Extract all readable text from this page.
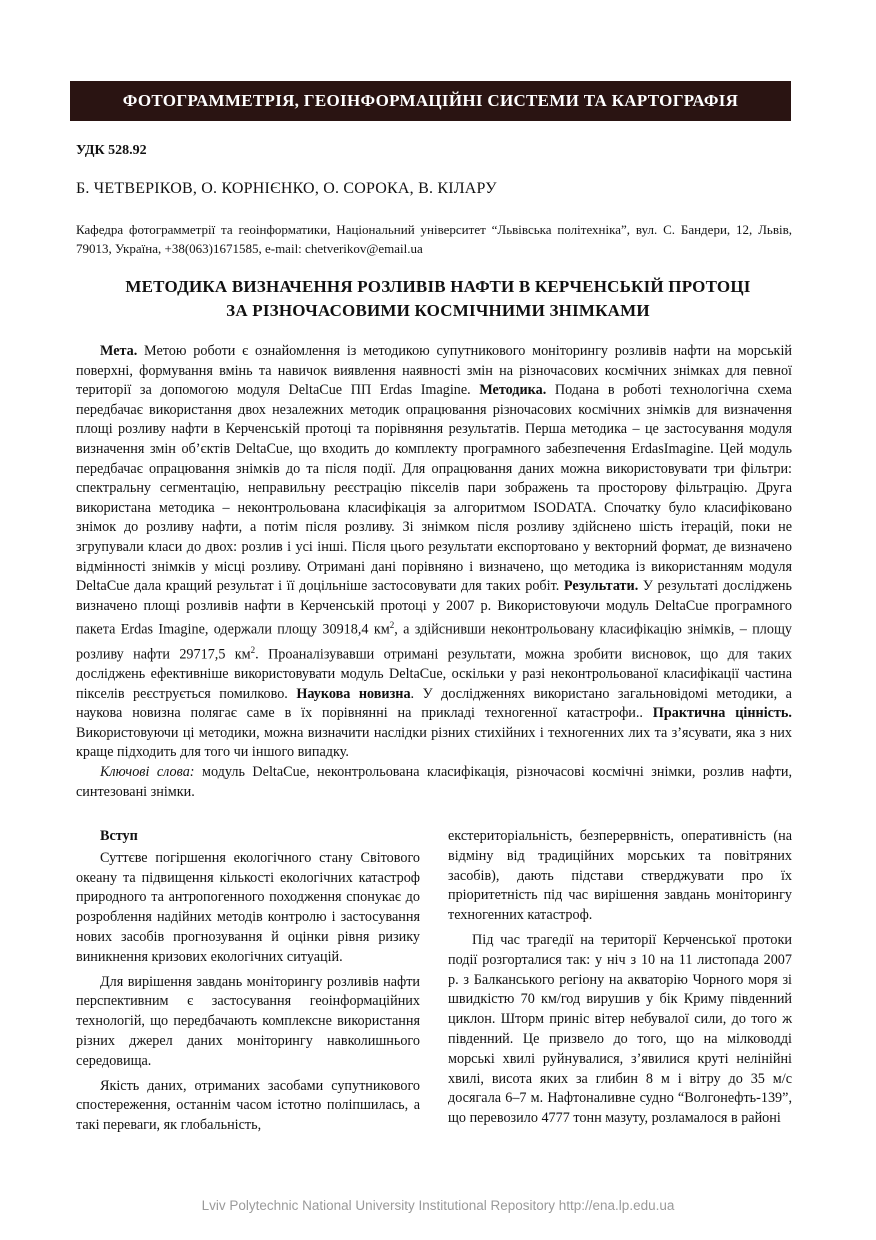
ФОТОГРАММЕТРІЯ, ГЕОІНФОРМАЦІЙНІ СИСТЕМИ ТА КАРТОГРАФІЯ
УДК 528.92
Б. ЧЕТВЕРІКОВ, О. КОРНІЄНКО, О. СОРОКА, В. КІЛАРУ
Кафедра фотограмметрії та геоінформатики, Національний університет “Львівська політехніка”, вул. С. Бандери, 12, Львів, 79013, Україна, +38(063)1671585, e-mail: chetverikov@email.ua
МЕТОДИКА ВИЗНАЧЕННЯ РОЗЛИВІВ НАФТИ В КЕРЧЕНСЬКІЙ ПРОТОЦІ
ЗА РІЗНОЧАСОВИМИ КОСМІЧНИМИ ЗНІМКАМИ

Мета. Метою роботи є ознайомлення із методикою супутникового моніторингу розливів нафти на морській поверхні, формування вмінь та навичок виявлення наявності змін на різночасових космічних знімках для певної території за допомогою модуля DeltaCue ПП Erdas Imagine. Методика. Подана в роботі технологічна схема передбачає використання двох незалежних методик опрацювання різночасових космічних знімків для визначення площі розливу нафти в Керченській протоці та порівняння результатів. Перша методика – це застосування модуля визначення змін об’єктів DeltaCue, що входить до комплекту програмного забезпечення ErdasImagine. Цей модуль передбачає опрацювання знімків до та після події. Для опрацювання даних можна використовувати три фільтри: спектральну сегментацію, неправильну реєстрацію пікселів пари зображень та просторову фільтрацію. Друга використана методика – неконтрольована класифікація за алгоритмом ISODATA. Спочатку було класифіковано знімок до розливу нафти, а потім після розливу. Зі знімком після розливу здійснено шість ітерацій, поки не згрупували класи до двох: розлив і усі інші. Після цього результати експортовано у векторний формат, де визначено відмінності знімків у місці розливу. Отримані дані порівняно і визначено, що методика із використанням модуля DeltaCue дала кращий результат і її доцільніше застосовувати для таких робіт. Результати. У результаті досліджень визначено площі розливів нафти в Керченській протоці у 2007 р. Використовуючи модуль DeltaCue програмного пакета Erdas Imagine, одержали площу 30918,4 $км^2$, а здійснивши неконтрольовану класифікацію знімків, – площу розливу нафти 29717,5 $км^2$. Проаналізувавши отримані результати, можна зробити висновок, що для таких досліджень ефективніше використовувати модуль DeltaCue, оскільки у разі неконтрольованої класифікації частина пікселів реєструється помилково. Наукова новизна. У дослідженнях використано загальновідомі методики, а наукова новизна полягає саме в їх порівнянні на прикладі техногенної катастрофи.. Практична цінність. Використовуючи ці методики, можна визначити наслідки різних стихійних і техногенних лих та з’ясувати, яка з них краще підходить для того чи іншого випадку.

Ключові слова: модуль DeltaCue, неконтрольована класифікація, різночасові космічні знімки, розлив нафти, синтезовані знімки.

Вступ

Суттєве погіршення екологічного стану Світового океану та підвищення кількості екологічних катастроф природного та антропогенного походження спонукає до розроблення надійних методів контролю і застосування нових засобів прогнозування й оцінки рівня ризику виникнення кризових екологічних ситуацій.

Для вирішення завдань моніторингу розливів нафти перспективним є застосування геоінформаційних технологій, що передбачають комплексне використання різних джерел даних моніторингу навколишнього середовища.

Якість даних, отриманих засобами супутникового спостереження, останнім часом істотно поліпшилась, а такі переваги, як глобальність,

екстериторіальність, безперервність, оперативність (на відміну від традиційних морських та повітряних засобів), дають підстави стверджувати про їх пріоритетність під час вирішення завдань моніторингу техногенних катастроф.

Під час трагедії на території Керченської протоки події розгорталися так: у ніч з 10 на 11 листопада 2007 р. з Балканського регіону на акваторію Чорного моря зі швидкістю 70 км/год вирушив у бік Криму південний циклон. Шторм приніс вітер небувалої сили, до того ж південний. Це призвело до того, що на мілководді морські хвилі руйнувалися, з’явилися круті нелінійні хвилі, висота яких за глибин 8 м і вітру до 35 м/с досягала 6–7 м. Нафтоналивне судно “Волгонефть-139”, що перевозило 4777 тонн мазуту, розламалося в районі

Lviv Polytechnic National University Institutional Repository http://ena.lp.edu.ua
